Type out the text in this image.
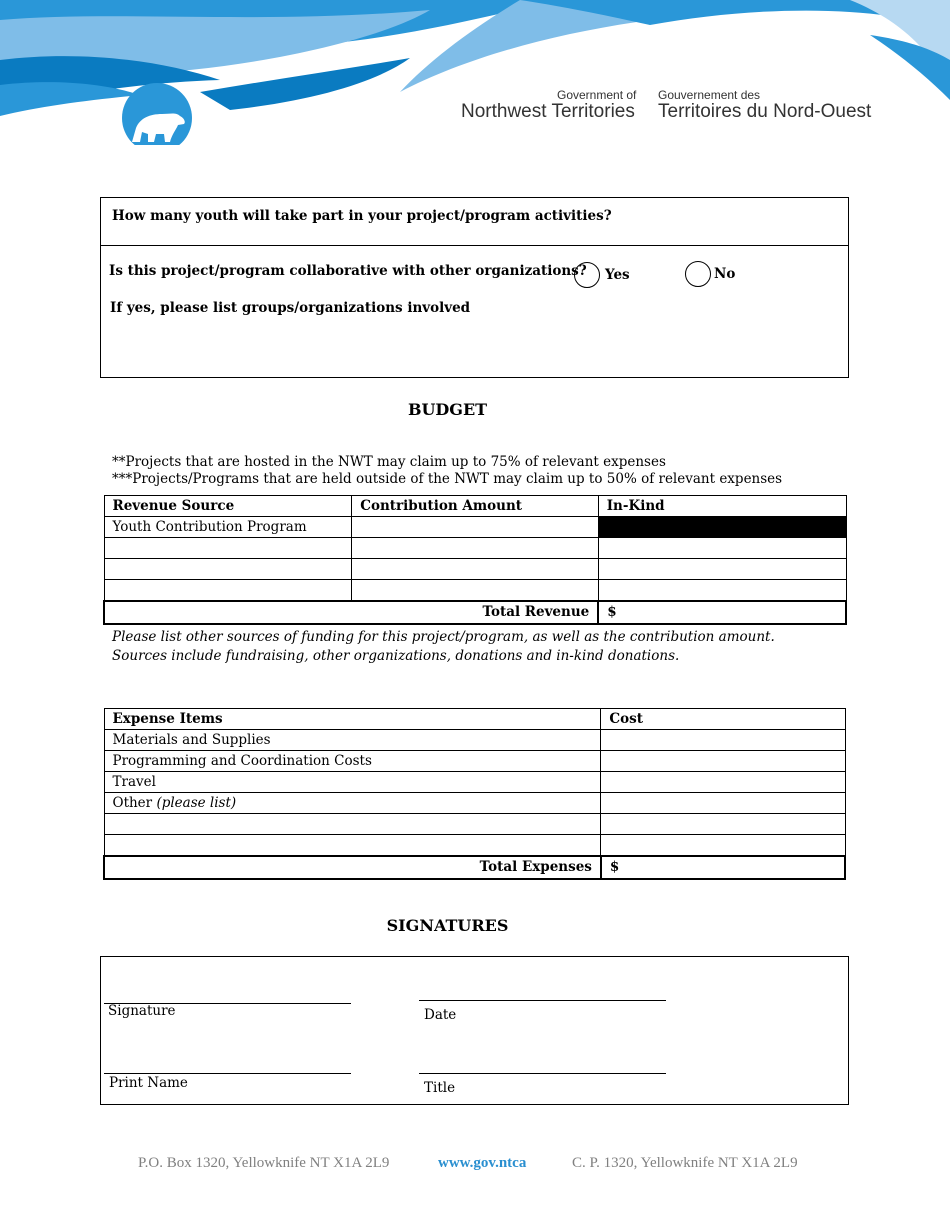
Government of
Northwest Territories
Gouvernement des
Territoires du Nord-Ouest
How many youth will take part in your project/program activities?
Is this project/program collaborative with other organizations? Yes	No
If yes, please list groups/organizations involved
BUDGET
**Projects that are hosted in the NWT may claim up to 75% of relevant expenses
***Projects/Programs that are held outside of the NWT may claim up to 50% of relevant expenses
Revenue Source	Contribution Amount	In-Kind
Youth Contribution Program		

Total Revenue		$
Please list other sources of funding for this project/program, as well as the contribution amount. Sources include fundraising, other organizations, donations and in-kind donations.
Expense Items	Cost
Materials and Supplies	
Programming and Coordination Costs	
Travel	
Other (please list)	

Total Expenses	$
SIGNATURES
Signature	Date
Print Name	Title
P.O. Box 1320, Yellowknife NT X1A 2L9	www.gov.ntca	C. P. 1320, Yellowknife NT X1A 2L9
